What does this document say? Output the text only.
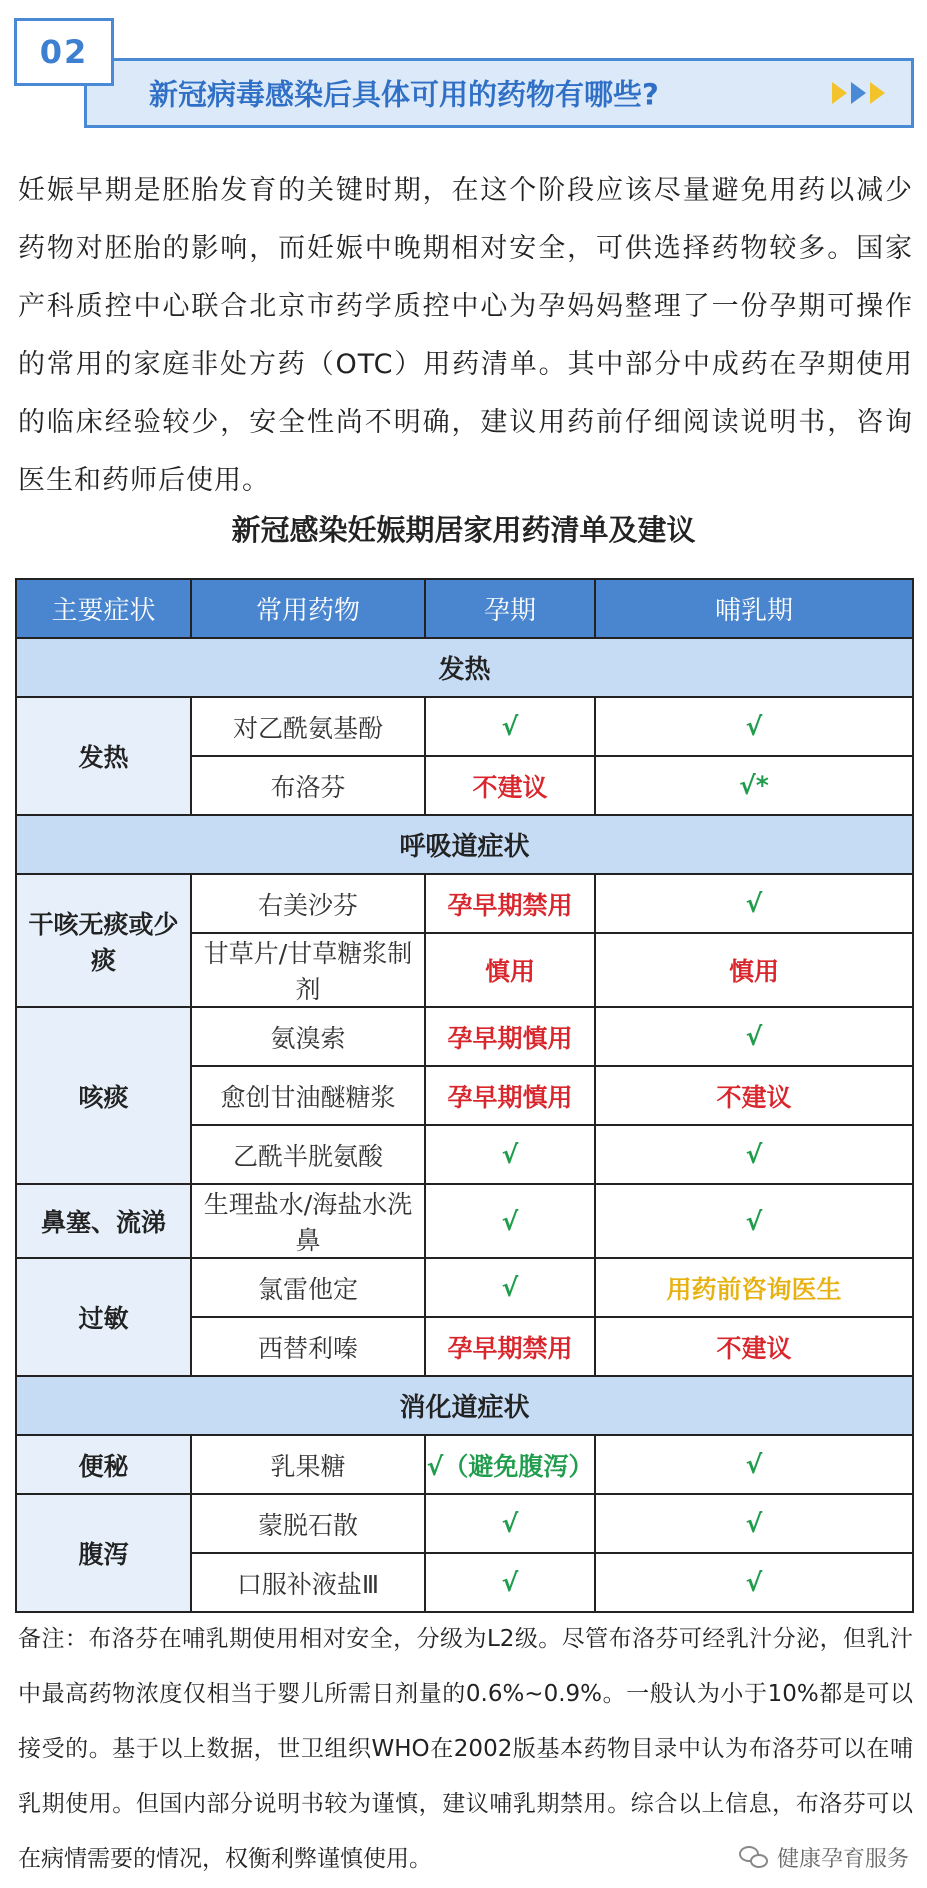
02
新冠病毒感染后具体可用的药物有哪些?
妊娠早期是胚胎发育的关键时期，在这个阶段应该尽量避免用药以减少药物对胚胎的影响，而妊娠中晚期相对安全，可供选择药物较多。国家产科质控中心联合北京市药学质控中心为孕妈妈整理了一份孕期可操作的常用的家庭非处方药（OTC）用药清单。其中部分中成药在孕期使用的临床经验较少，安全性尚不明确，建议用药前仔细阅读说明书，咨询医生和药师后使用。
新冠感染妊娠期居家用药清单及建议
主要症状	常用药物	孕期	哺乳期
发热			
发热	对乙酰氨基酚	√	√
	布洛芬	不建议	√*
呼吸道症状			
干咳无痰或少痰	右美沙芬	孕早期禁用	√
	甘草片/甘草糖浆制剂	慎用	慎用
咳痰	氨溴索	孕早期慎用	√
	愈创甘油醚糖浆	孕早期慎用	不建议
	乙酰半胱氨酸	√	√
鼻塞、流涕	生理盐水/海盐水洗鼻	√	√
过敏	氯雷他定	√	用药前咨询医生
	西替利嗪	孕早期禁用	不建议
消化道症状			
便秘	乳果糖	√（避免腹泻）	√
腹泻	蒙脱石散	√	√
	口服补液盐Ⅲ	√	√
备注：布洛芬在哺乳期使用相对安全，分级为L2级。尽管布洛芬可经乳汁分泌，但乳汁中最高药物浓度仅相当于婴儿所需日剂量的0.6%~0.9%。一般认为小于10%都是可以接受的。基于以上数据，世卫组织WHO在2002版基本药物目录中认为布洛芬可以在哺乳期使用。但国内部分说明书较为谨慎，建议哺乳期禁用。综合以上信息，布洛芬可以在病情需要的情况，权衡利弊谨慎使用。	健康孕育服务
